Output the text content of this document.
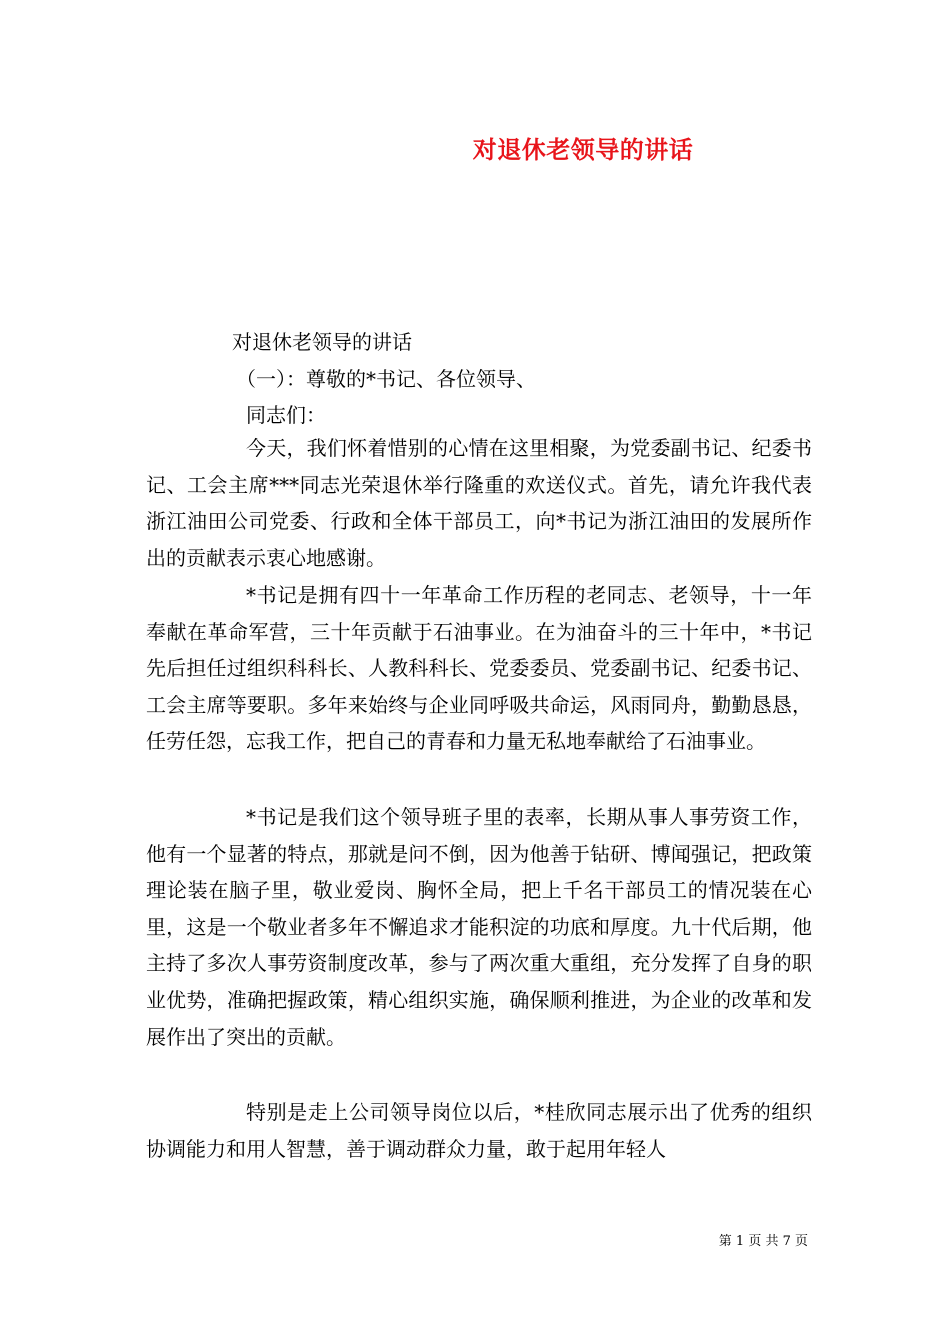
对退休老领导的讲话
对退休老领导的讲话
（一）：尊敬的*书记、各位领导、
同志们：
今天，我们怀着惜别的心情在这里相聚，为党委副书记、纪委书记、工会主席***同志光荣退休举行隆重的欢送仪式。首先，请允许我代表浙江油田公司党委、行政和全体干部员工，向*书记为浙江油田的发展所作出的贡献表示衷心地感谢。
*书记是拥有四十一年革命工作历程的老同志、老领导，十一年奉献在革命军营，三十年贡献于石油事业。在为油奋斗的三十年中，*书记先后担任过组织科科长、人教科科长、党委委员、党委副书记、纪委书记、工会主席等要职。多年来始终与企业同呼吸共命运，风雨同舟，勤勤恳恳，任劳任怨，忘我工作，把自己的青春和力量无私地奉献给了石油事业。
*书记是我们这个领导班子里的表率，长期从事人事劳资工作，他有一个显著的特点，那就是问不倒，因为他善于钻研、博闻强记，把政策理论装在脑子里，敬业爱岗、胸怀全局，把上千名干部员工的情况装在心里，这是一个敬业者多年不懈追求才能积淀的功底和厚度。九十代后期，他主持了多次人事劳资制度改革，参与了两次重大重组，充分发挥了自身的职业优势，准确把握政策，精心组织实施，确保顺利推进，为企业的改革和发展作出了突出的贡献。
特别是走上公司领导岗位以后，*桂欣同志展示出了优秀的组织协调能力和用人智慧，善于调动群众力量，敢于起用年轻人
第 1 页 共 7 页
